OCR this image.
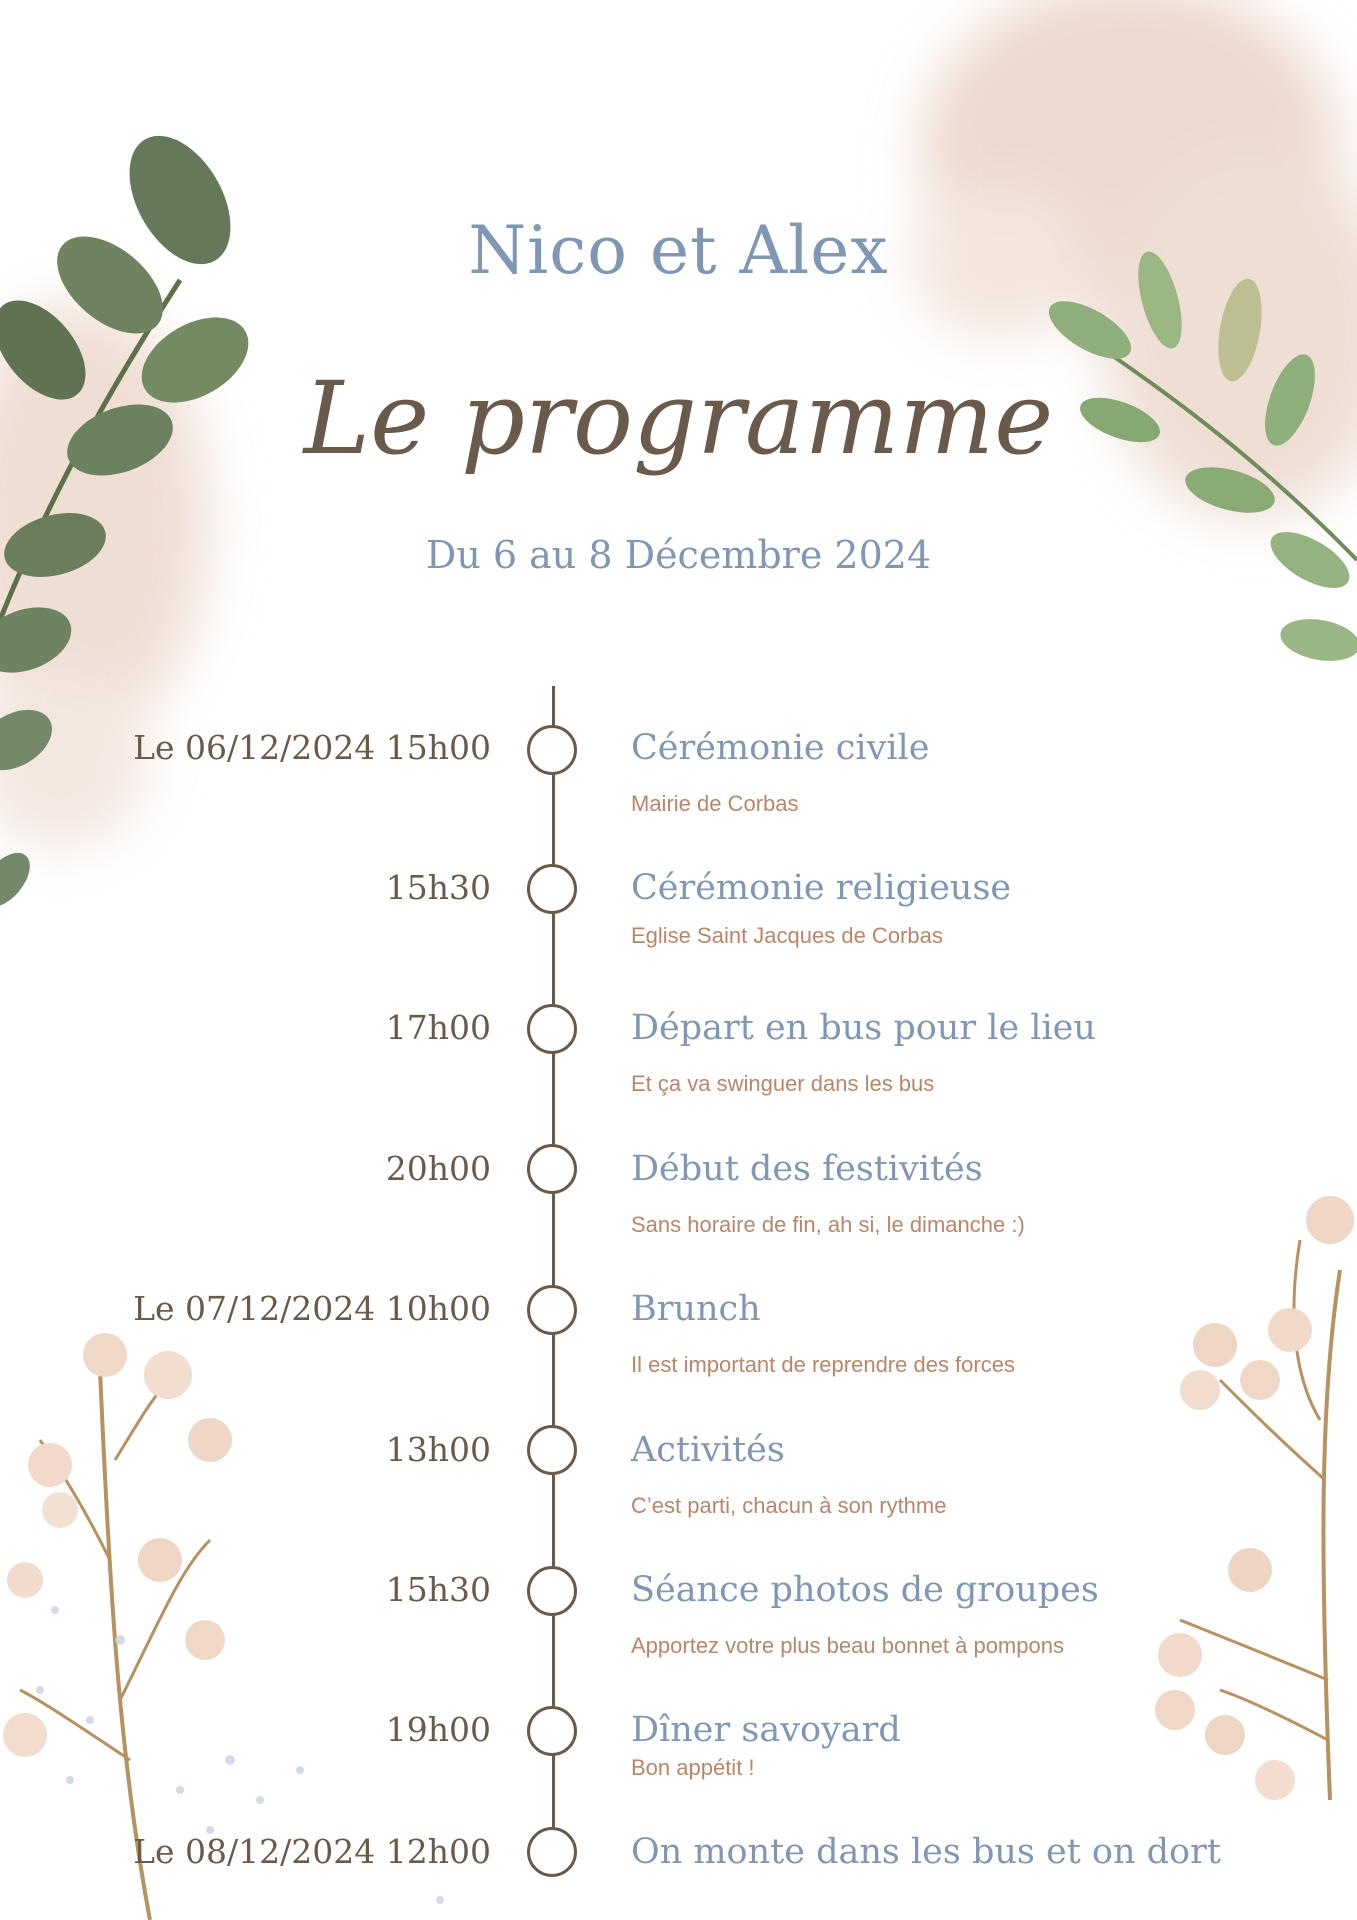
Nico et Alex
Le programme
Du 6 au 8 Décembre 2024
Le 06/12/2024 15h00	Cérémonie civile
Mairie de Corbas
15h30	Cérémonie religieuse
Eglise Saint Jacques de Corbas
17h00	Départ en bus pour le lieu
Et ça va swinguer dans les bus
20h00	Début des festivités
Sans horaire de fin, ah si, le dimanche :)
Le 07/12/2024 10h00	Brunch
Il est important de reprendre des forces
13h00	Activités
C’est parti, chacun à son rythme
15h30	Séance photos de groupes
Apportez votre plus beau bonnet à pompons
19h00	Dîner savoyard
Bon appétit !
Le 08/12/2024 12h00	On monte dans les bus et on dort
